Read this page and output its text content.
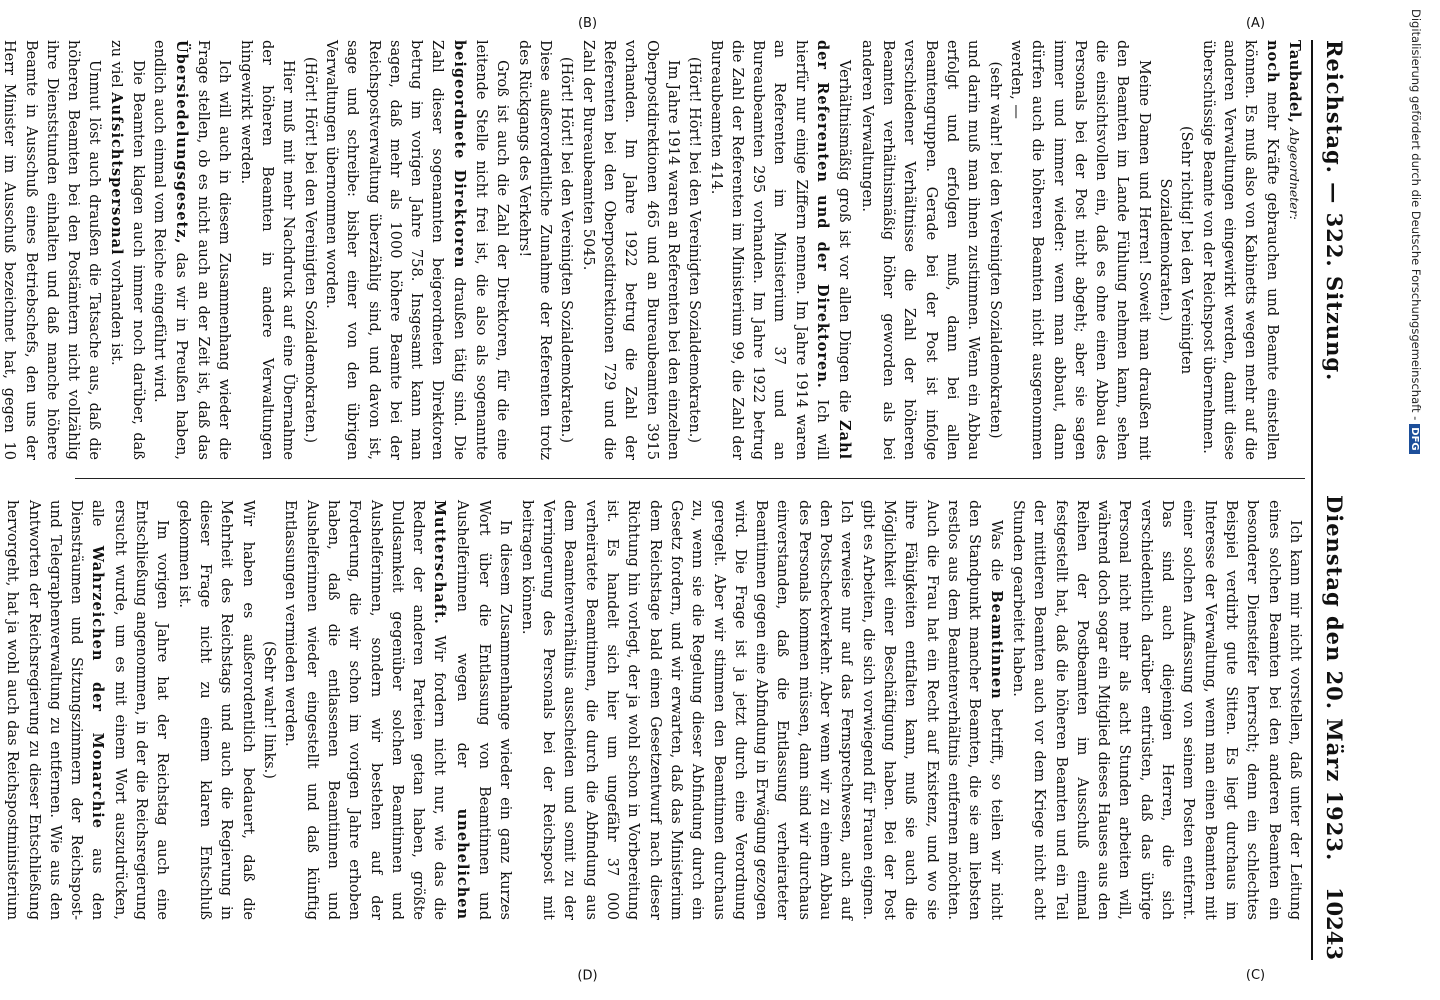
Reichstag. — 322. Sitzung.
Dienstag den 20. März 1923.
10243
(A)
(B)
(C)
(D)

Taubadel, Abgeordneter:

noch mehr Kräfte gebrauchen und Beamte einstellen können. Es muß also von Kabinetts wegen mehr auf die anderen Verwaltungen eingewirkt werden, damit diese überschüssige Beamte von der Reichspost übernehmen.

(Sehr richtig! bei den Vereinigten Sozialdemokraten.)

Meine Damen und Herren! Soweit man draußen mit den Beamten im Lande Fühlung nehmen kann, sehen die einsichtsvollen ein, daß es ohne einen Abbau des Personals bei der Post nicht abgeht; aber sie sagen immer und immer wieder: wenn man abbaut, dann dürfen auch die höheren Beamten nicht ausgenommen werden, —

(sehr wahr! bei den Vereinigten Sozialdemokraten)

und darin muß man ihnen zustimmen. Wenn ein Abbau erfolgt und erfolgen muß, dann bei allen Beamtengruppen. Gerade bei der Post ist infolge verschiedener Verhältnisse die Zahl der höheren Beamten verhältnismäßig höher geworden als bei anderen Verwaltungen.

Verhältnismäßig groß ist vor allen Dingen die Zahl der Referenten und der Direktoren. Ich will hierfür nur einige Ziffern nennen. Im Jahre 1914 waren an Referenten im Ministerium 37 und an Bureaubeamten 295 vorhanden. Im Jahre 1922 betrug die Zahl der Referenten im Ministerium 99, die Zahl der Bureaubeamten 414.

(Hört! Hört! bei den Vereinigten Sozialdemokraten.)

Im Jahre 1914 waren an Referenten bei den einzelnen Oberpostdirektionen 465 und an Bureaubeamten 3915 vorhanden. Im Jahre 1922 betrug die Zahl der Referenten bei den Oberpostdirektionen 729 und die Zahl der Bureaubeamten 5045.

(Hört! Hört! bei den Vereinigten Sozialdemokraten.)

Diese außerordentliche Zunahme der Referenten trotz des Rückgangs des Verkehrs!

Groß ist auch die Zahl der Direktoren, für die eine leitende Stelle nicht frei ist, die also als sogenannte beigeordnete Direktoren draußen tätig sind. Die Zahl dieser sogenannten beigeordneten Direktoren betrug im vorigen Jahre 758. Insgesamt kann man sagen, daß mehr als 1000 höhere Beamte bei der Reichspostverwaltung überzählig sind, und davon ist, sage und schreibe: bisher einer von den übrigen Verwaltungen übernommen worden.

(Hört! Hört! bei den Vereinigten Sozialdemokraten.)

Hier muß mit mehr Nachdruck auf eine Übernahme der höheren Beamten in andere Verwaltungen hingewirkt werden.

Ich will auch in diesem Zusammenhang wieder die Frage stellen, ob es nicht auch an der Zeit ist, daß das Übersiedelungsgesetz, das wir in Preußen haben, endlich auch einmal vom Reiche eingeführt wird.

Die Beamten klagen auch immer noch darüber, daß zu viel Aufsichtspersonal vorhanden ist.

Unmut löst auch draußen die Tatsache aus, daß die höheren Beamten bei den Postämtern nicht vollzählig ihre Dienststunden einhalten und daß manche höhere Beamte in Ausschuß eines Betriebschefs, den uns der Herr Minister im Ausschuß bezeichnet hat, gegen 10

Ich kann mir nicht vorstellen, daß unter der Leitung eines solchen Beamten bei den anderen Beamten ein besonderer Diensteifer herrscht; denn ein schlechtes Beispiel verdirbt gute Sitten. Es liegt durchaus im Interesse der Verwaltung, wenn man einen Beamten mit einer solchen Auffassung von seinem Posten entfernt. Das sind auch diejenigen Herren, die sich verschiedentlich darüber entrüsten, daß das übrige Personal nicht mehr als acht Stunden arbeiten will, während doch sogar ein Mitglied dieses Hauses aus den Reihen der Postbeamten im Ausschuß einmal festgestellt hat, daß die höheren Beamten und ein Teil der mittleren Beamten auch vor dem Kriege nicht acht Stunden gearbeitet haben.

Was die Beamtinnen betrifft, so teilen wir nicht den Standpunkt mancher Beamten, die sie am liebsten restlos aus dem Beamtenverhältnis entfernen möchten. Auch die Frau hat ein Recht auf Existenz, und wo sie ihre Fähigkeiten entfalten kann, muß sie auch die Möglichkeit einer Beschäftigung haben. Bei der Post gibt es Arbeiten, die sich vorwiegend für Frauen eignen. Ich verweise nur auf das Fernsprechwesen, auch auf den Postscheckverkehr. Aber wenn wir zu einem Abbau des Personals kommen müssen, dann sind wir durchaus einverstanden, daß die Entlassung verheirateter Beamtinnen gegen eine Abfindung in Erwägung gezogen wird. Die Frage ist ja jetzt durch eine Verordnung geregelt. Aber wir stimmen den Beamtinnen durchaus zu, wenn sie die Regelung dieser Abfindung durch ein Gesetz fordern, und wir erwarten, daß das Ministerium dem Reichstage bald einen Gesetzentwurf nach dieser Richtung hin vorlegt, der ja wohl schon in Vorbereitung ist. Es handelt sich hier um ungefähr 37 000 verheiratete Beamtinnen, die durch die Abfindung aus dem Beamtenverhältnis ausscheiden und somit zu der Verringerung des Personals bei der Reichspost mit beitragen können.

In diesem Zusammenhange wieder ein ganz kurzes Wort über die Entlassung von Beamtinnen und Aushelferinnen wegen der unehelichen Mutterschaft. Wir fordern nicht nur, wie das die Redner der anderen Parteien getan haben, größte Duldsamkeit gegenüber solchen Beamtinnen und Aushelferinnen, sondern wir bestehen auf der Forderung, die wir schon im vorigen Jahre erhoben haben, daß die entlassenen Beamtinnen und Aushelferinnen wieder eingestellt und daß künftig Entlassungen vermieden werden.

(Sehr wahr! links.)

Wir haben es außerordentlich bedauert, daß die Mehrheit des Reichstags und auch die Regierung in dieser Frage nicht zu einem klaren Entschluß gekommen ist.

Im vorigen Jahre hat der Reichstag auch eine Entschließung angenommen, in der die Reichsregierung ersucht wurde, um es mit einem Wort auszudrücken, alle Wahrzeichen der Monarchie aus den Diensträumen und Sitzungszimmern der Reichspost- und Telegraphenverwaltung zu entfernen. Wie aus den Antworten der Reichsregierung zu dieser Entschließung hervorgeht, hat ja wohl auch das Reichspostministerium

Digitalisierung gefördert durch die Deutsche Forschungsgemeinschaft -DFG
